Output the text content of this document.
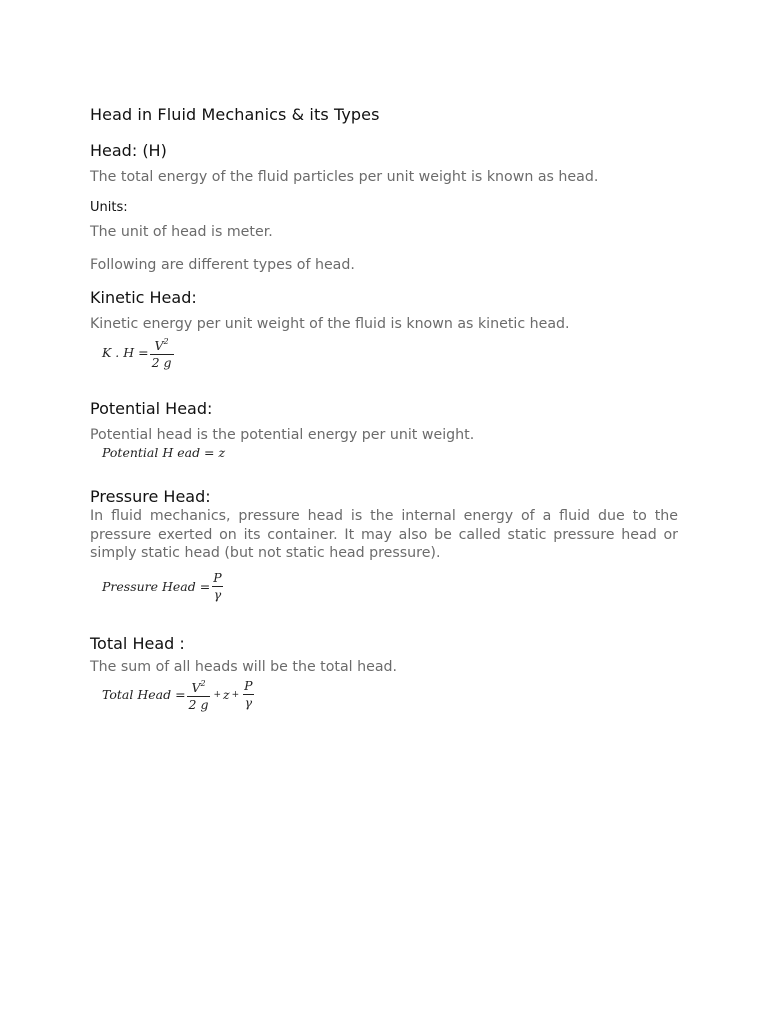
Head in Fluid Mechanics & its Types
Head: (H)
The total energy of the fluid particles per unit weight is known as head.
Units:
The unit of head is meter.
Following are different types of head.
Kinetic Head:
Kinetic energy per unit weight of the fluid is known as kinetic head.
K . $H = \frac{V^2}{2 g}$
Potential Head:
Potential head is the potential energy per unit weight.
Potential H ead = z
Pressure Head:
In fluid mechanics, pressure head is the internal energy of a fluid due to the pressure exerted on its container. It may also be called static pressure head or simply static head (but not static head pressure).
Pressure Head = $\frac{P}{\gamma}$
Total Head :
The sum of all heads will be the total head.
Total Head = $\frac{V^2}{2 g} + z + \frac{P}{\gamma}$
